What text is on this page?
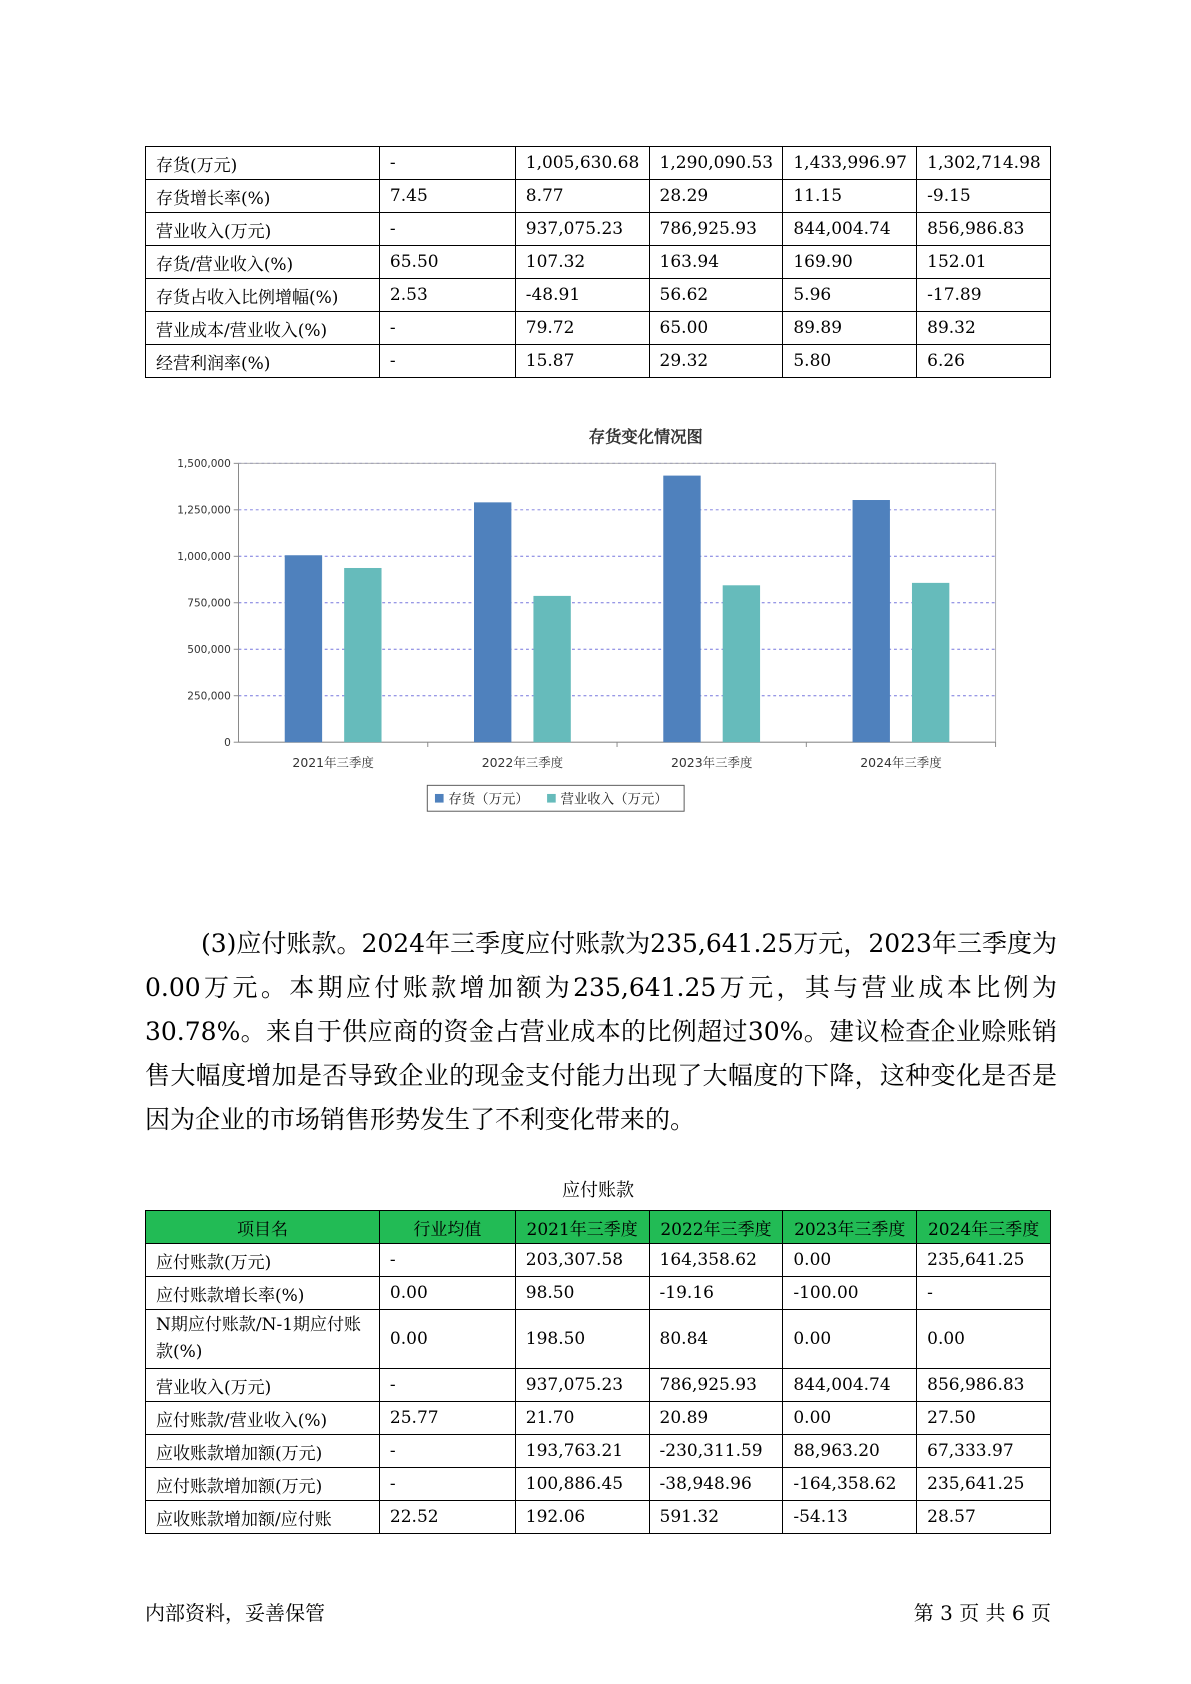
存货(万元)	-	1,005,630.68	1,290,090.53	1,433,996.97	1,302,714.98
存货增长率(%)	7.45	8.77	28.29	11.15	-9.15
营业收入(万元)	-	937,075.23	786,925.93	844,004.74	856,986.83
存货/营业收入(%)	65.50	107.32	163.94	169.90	152.01
存货占收入比例增幅(%)	2.53	-48.91	56.62	5.96	-17.89
营业成本/营业收入(%)	-	79.72	65.00	89.89	89.32
经营利润率(%)	-	15.87	29.32	5.80	6.26
存货变化情况图
0
250,000
500,000
750,000
1,000,000
1,250,000
1,500,000
2021年三季度	2022年三季度	2023年三季度	2024年三季度
存货（万元） 营业收入（万元）

(3)应付账款。2024年三季度应付账款为235,641.25万元，2023年三季度为0.00万元。本期应付账款增加额为235,641.25万元，其与营业成本比例为30.78%。来自于供应商的资金占营业成本的比例超过30%。建议检查企业赊账销售大幅度增加是否导致企业的现金支付能力出现了大幅度的下降，这种变化是否是因为企业的市场销售形势发生了不利变化带来的。

应付账款

项目名	行业均值	2021年三季度	2022年三季度	2023年三季度	2024年三季度
应付账款(万元)	-	203,307.58	164,358.62	0.00	235,641.25
应付账款增长率(%)	0.00	98.50	-19.16	-100.00	-
N期应付账款/N-1期应付账款(%)	0.00	198.50	80.84	0.00	0.00
营业收入(万元)	-	937,075.23	786,925.93	844,004.74	856,986.83
应付账款/营业收入(%)	25.77	21.70	20.89	0.00	27.50
应收账款增加额(万元)	-	193,763.21	-230,311.59	88,963.20	67,333.97
应付账款增加额(万元)	-	100,886.45	-38,948.96	-164,358.62	235,641.25
应收账款增加额/应付账	22.52	192.06	591.32	-54.13	28.57
内部资料，妥善保管	第 3 页 共 6 页
